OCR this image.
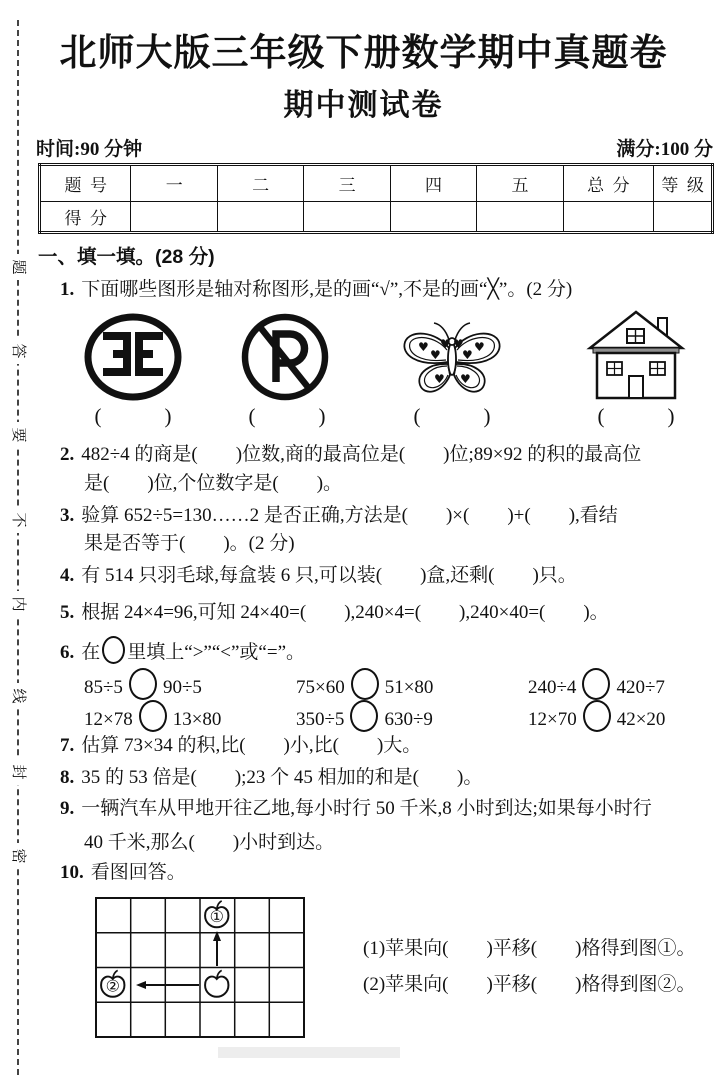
题
答
要
不
内
线
封
密
北师大版三年级下册数学期中真题卷
期中测试卷
时间:90 分钟	满分:100 分
题  号	一	二	三	四	五	总  分	等  级
得  分							
一、填一填。(28 分)
1. 下面哪些图形是轴对称图形,是的画“√”,不是的画“╳”。(2 分)
♥
♥
♥ ♥
♥
♥
♥ ♥
(            )	(            )	(            )	(            )
2. 482÷4 的商是(        )位数,商的最高位是(        )位;89×92 的积的最高位
是(        )位,个位数字是(        )。
3. 验算 652÷5=130……2 是否正确,方法是(        )×(        )+(        ),看结
果是否等于(        )。(2 分)
4. 有 514 只羽毛球,每盒装 6 只,可以装(        )盒,还剩(        )只。
5. 根据 24×4=96,可知 24×40=(        ),240×4=(        ),240×40=(        )。
6. 在 里填上“>”“<”或“=”。
85÷5 90÷5	75×60 51×80	240÷4 420÷7
12×78 13×80	350÷5 630÷9	12×70 42×20
7. 估算 73×34 的积,比(        )小,比(        )大。
8. 35 的 53 倍是(        );23 个 45 相加的和是(        )。
9. 一辆汽车从甲地开往乙地,每小时行 50 千米,8 小时到达;如果每小时行
40 千米,那么(        )小时到达。
10. 看图回答。
①
②
(1)苹果向(        )平移(        )格得到图①。
(2)苹果向(        )平移(        )格得到图②。
